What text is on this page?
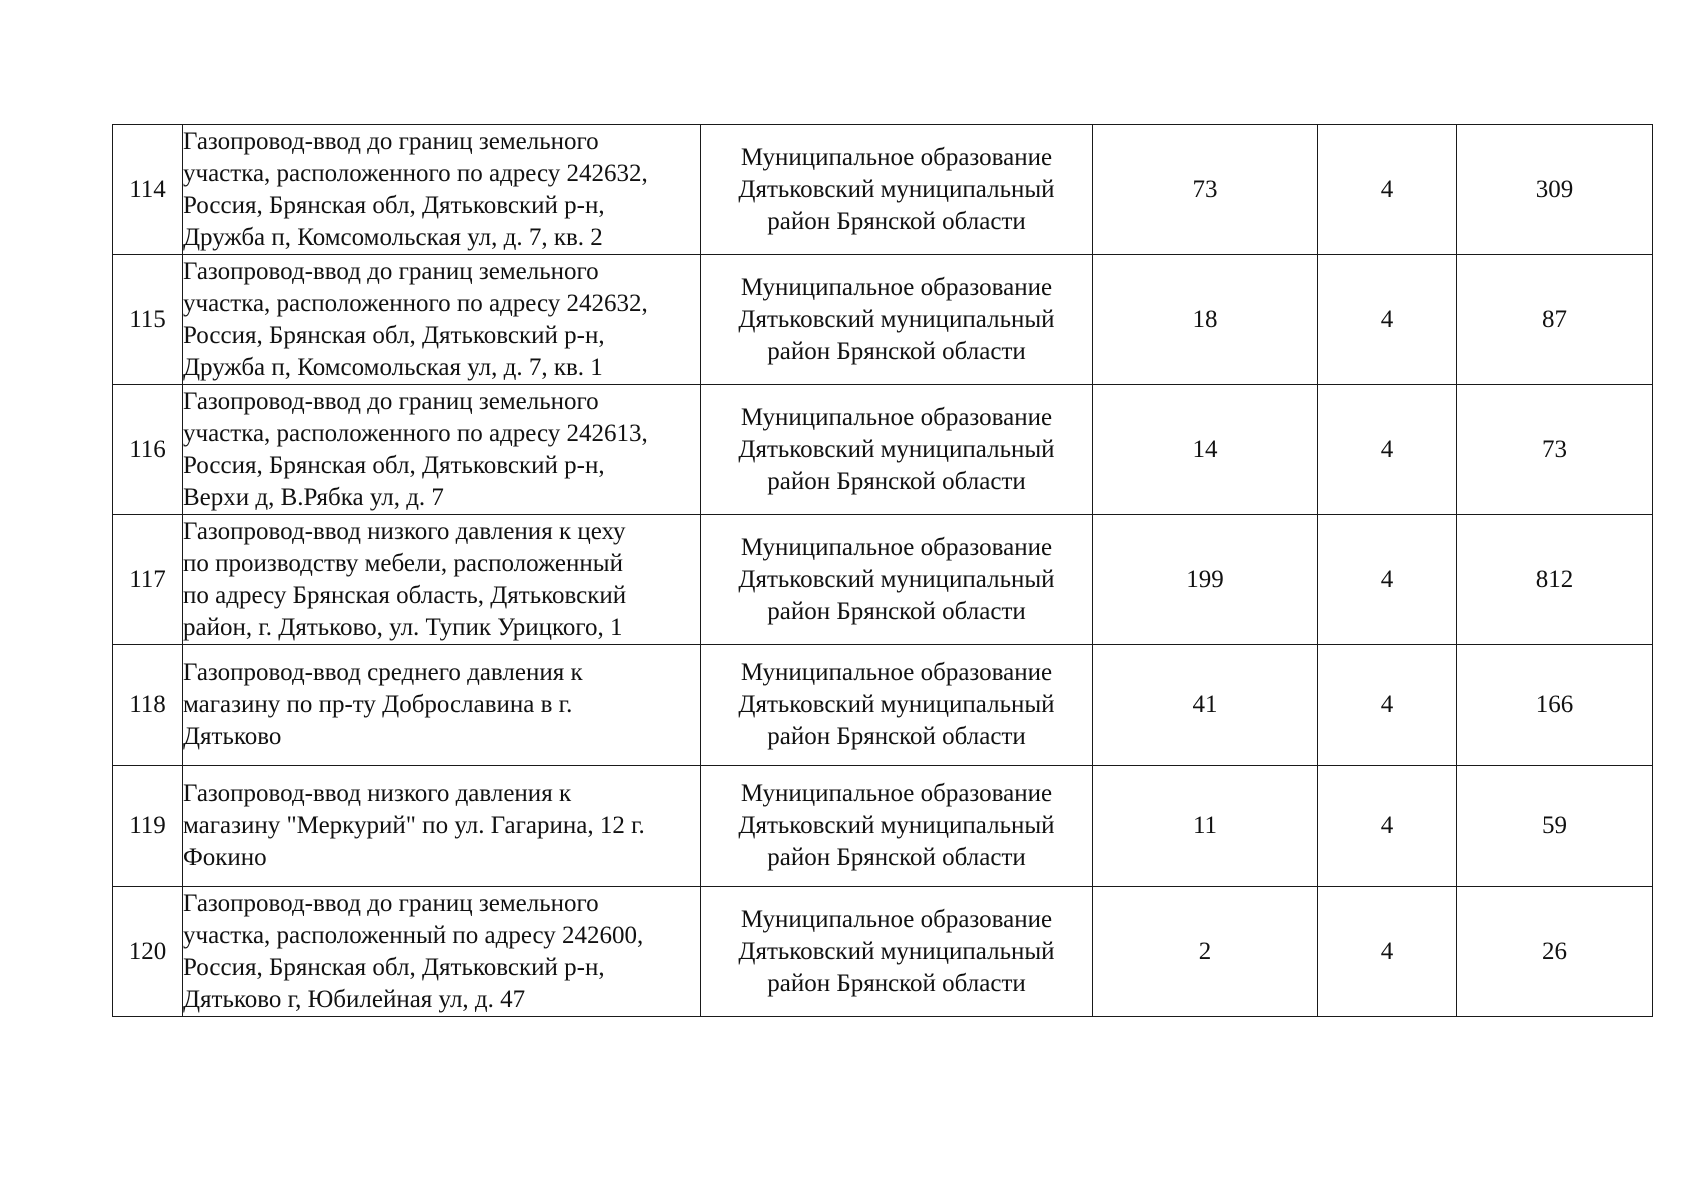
114	Газопровод-ввод до границ земельного
участка, расположенного по адресу 242632,
Россия, Брянская обл, Дятьковский р-н,
Дружба п, Комсомольская ул, д. 7, кв. 2	Муниципальное образование
Дятьковский муниципальный
район Брянской области	73	4	309
115	Газопровод-ввод до границ земельного
участка, расположенного по адресу 242632,
Россия, Брянская обл, Дятьковский р-н,
Дружба п, Комсомольская ул, д. 7, кв. 1	Муниципальное образование
Дятьковский муниципальный
район Брянской области	18	4	87
116	Газопровод-ввод до границ земельного
участка, расположенного по адресу 242613,
Россия, Брянская обл, Дятьковский р-н,
Верхи д, В.Рябка ул, д. 7	Муниципальное образование
Дятьковский муниципальный
район Брянской области	14	4	73
117	Газопровод-ввод низкого давления к цеху
по производству мебели, расположенный
по адресу Брянская область, Дятьковский
район, г. Дятьково, ул. Тупик Урицкого, 1	Муниципальное образование
Дятьковский муниципальный
район Брянской области	199	4	812
118	Газопровод-ввод среднего давления к
магазину по пр-ту Доброславина в г.
Дятьково	Муниципальное образование
Дятьковский муниципальный
район Брянской области	41	4	166
119	Газопровод-ввод низкого давления к
магазину "Меркурий" по ул. Гагарина, 12 г.
Фокино	Муниципальное образование
Дятьковский муниципальный
район Брянской области	11	4	59
120	Газопровод-ввод до границ земельного
участка, расположенный по адресу 242600,
Россия, Брянская обл, Дятьковский р-н,
Дятьково г, Юбилейная ул, д. 47	Муниципальное образование
Дятьковский муниципальный
район Брянской области	2	4	26
